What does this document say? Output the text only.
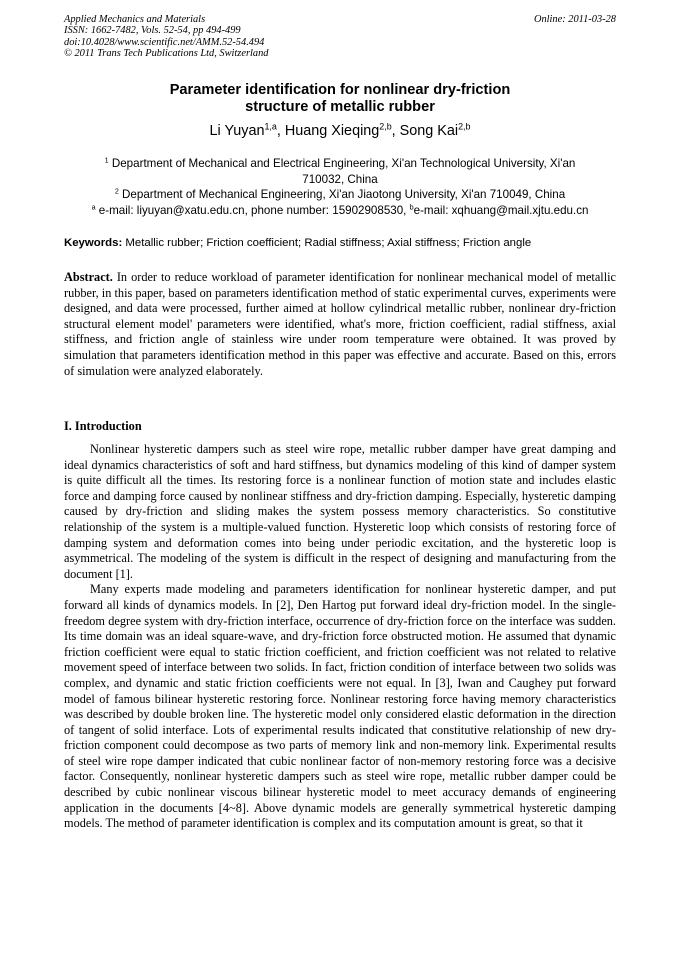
Applied Mechanics and Materials
ISSN: 1662-7482, Vols. 52-54, pp 494-499
doi:10.4028/www.scientific.net/AMM.52-54.494
© 2011 Trans Tech Publications Ltd, Switzerland
Online: 2011-03-28
Parameter identification for nonlinear dry-friction
structure of metallic rubber
Li Yuyan$^{1,a}$, Huang Xieqing$^{2,b}$, Song Kai$^{2,b}$
$^1$ Department of Mechanical and Electrical Engineering, Xi'an Technological University, Xi'an
710032, China
$^2$ Department of Mechanical Engineering, Xi'an Jiaotong University, Xi'an 710049, China
$^a$ e-mail: liyuyan@xatu.edu.cn, phone number: 15902908530, $^b$e-mail: xqhuang@mail.xjtu.edu.cn
Keywords: Metallic rubber; Friction coefficient; Radial stiffness; Axial stiffness; Friction angle
Abstract. In order to reduce workload of parameter identification for nonlinear mechanical model of metallic rubber, in this paper, based on parameters identification method of static experimental curves, experiments were designed, and data were processed, further aimed at hollow cylindrical metallic rubber, nonlinear dry-friction structural element model' parameters were identified, what's more, friction coefficient, radial stiffness, axial stiffness, and friction angle of stainless wire under room temperature were obtained. It was proved by simulation that parameters identification method in this paper was effective and accurate. Based on this, errors of simulation were analyzed elaborately.
I. Introduction

Nonlinear hysteretic dampers such as steel wire rope, metallic rubber damper have great damping and ideal dynamics characteristics of soft and hard stiffness, but dynamics modeling of this kind of damper system is quite difficult all the times. Its restoring force is a nonlinear function of motion state and includes elastic force and damping force caused by nonlinear stiffness and dry-friction damping. Especially, hysteretic damping caused by dry-friction and sliding makes the system possess memory characteristics. So constitutive relationship of the system is a multiple-valued function. Hysteretic loop which consists of restoring force of damping system and deformation comes into being under periodic excitation, and the hysteretic loop is asymmetrical. The modeling of the system is difficult in the respect of designing and manufacturing from the document [1].

Many experts made modeling and parameters identification for nonlinear hysteretic damper, and put forward all kinds of dynamics models. In [2], Den Hartog put forward ideal dry-friction model. In the single-freedom degree system with dry-friction interface, occurrence of dry-friction force on the interface was sudden. Its time domain was an ideal square-wave, and dry-friction force obstructed motion. He assumed that dynamic friction coefficient were equal to static friction coefficient, and friction coefficient was not related to relative movement speed of interface between two solids. In fact, friction condition of interface between two solids was complex, and dynamic and static friction coefficients were not equal. In [3], Iwan and Caughey put forward model of famous bilinear hysteretic restoring force. Nonlinear restoring force having memory characteristics was described by double broken line. The hysteretic model only considered elastic deformation in the direction of tangent of solid interface. Lots of experimental results indicated that constitutive relationship of new dry-friction component could decompose as two parts of memory link and non-memory link. Experimental results of steel wire rope damper indicated that cubic nonlinear factor of non-memory restoring force was a decisive factor. Consequently, nonlinear hysteretic dampers such as steel wire rope, metallic rubber damper could be described by cubic nonlinear viscous bilinear hysteretic model to meet accuracy demands of engineering application in the documents [4~8]. Above dynamic models are generally symmetrical hysteretic damping models. The method of parameter identification is complex and its computation amount is great, so that it
